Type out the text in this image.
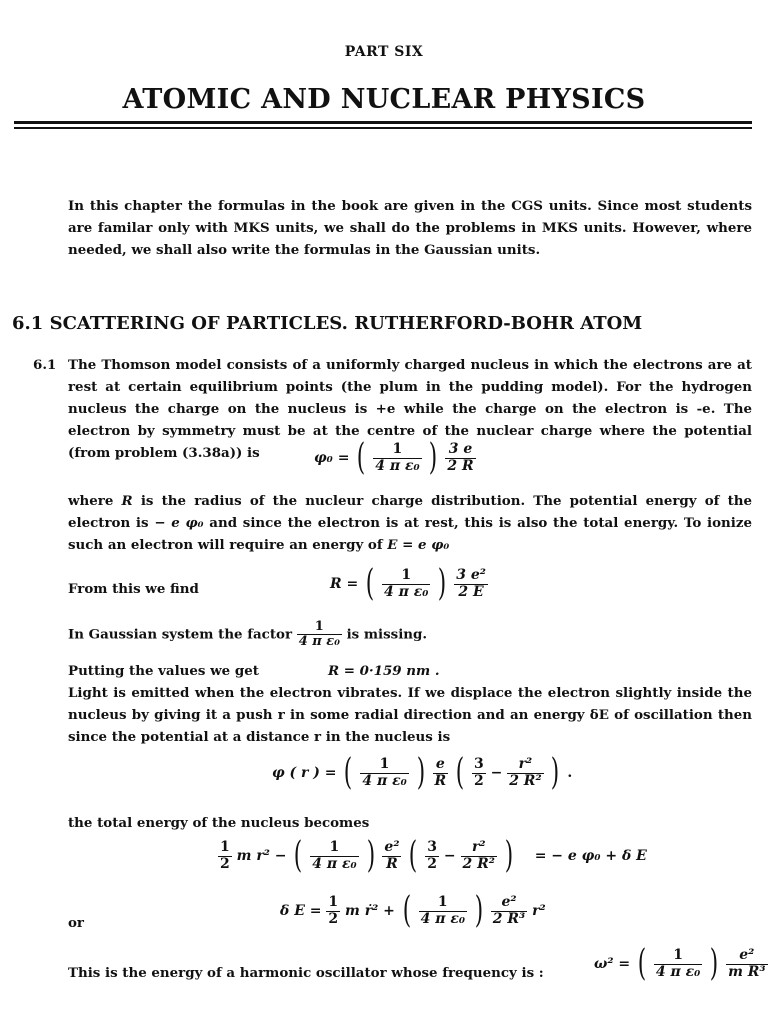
PART SIX
ATOMIC AND NUCLEAR PHYSICS
In this chapter the formulas in the book are given in the CGS units. Since most students are familar only with MKS units, we shall do the problems in MKS units. However, where needed, we shall also write the formulas in the Gaussian units.
6.1 SCATTERING OF PARTICLES. RUTHERFORD-BOHR ATOM
6.1 The Thomson model consists of a uniformly charged nucleus in which the electrons are at rest at certain equilibrium points (the plum in the pudding model). For the hydrogen nucleus the charge on the nucleus is +e while the charge on the electron is -e. The electron by symmetry must be at the centre of the nuclear charge where the potential (from problem (3.38a)) is	φ₀ = ( $\frac{1}{\text{4 π ε₀}}$ ) $\frac{3 e}{2 R}$
where R is the radius of the nucleur charge distribution. The potential energy of the electron is − e φ₀ and since the electron is at rest, this is also the total energy. To ionize such an electron will require an energy of E = e φ₀
From this we find	R = ( $\frac{1}{\text{4 π ε₀}}$ ) $\frac{\text{3 e²}}{2 E}$
In Gaussian system the factor $\frac{1}{\text{4 π ε₀}}$ is missing.
Putting the values we get	R = 0·159 nm .
Light is emitted when the electron vibrates. If we displace the electron slightly inside the nucleus by giving it a push r in some radial direction and an energy δE of oscillation then since the potential at a distance r in the nucleus is
φ ( r ) = ( $\frac{1}{\text{4 π ε₀}}$ ) $\frac{e}{R}$ ( $\frac{3}{2} - \frac{\text{r²}}{\text{2 R²}}$ ) .
the total energy of the nucleus becomes
$\frac{1}{2}$ m r² − ( $\frac{1}{\text{4 π ε₀}}$ ) $\frac{\text{e²}}{R}$ ( $\frac{3}{2} - \frac{\text{r²}}{\text{2 R²}}$ ) = − e φ₀ + δ E
or
δ $E = \frac{1}{2}$ m ṙ² + ( $\frac{1}{\text{4 π ε₀}}$ ) $\frac{\text{e²}}{\text{2 R³}} r^2$
This is the energy of a harmonic oscillator whose frequency is :
ω² = ( $\frac{1}{\text{4 π ε₀}}$ ) $\frac{\text{e²}}{\text{m R³}}$
